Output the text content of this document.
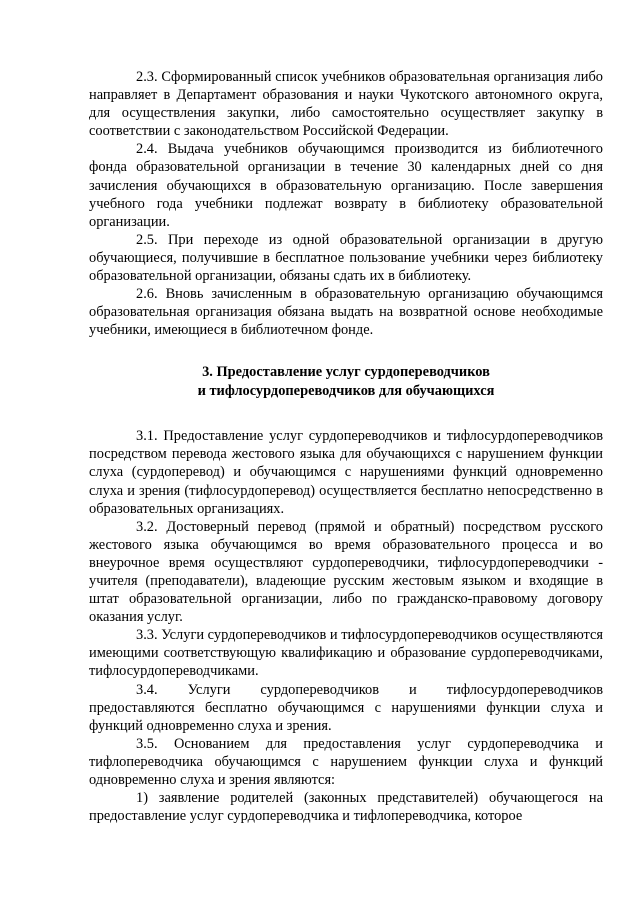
2.3. Сформированный список учебников образовательная организация либо направляет в Департамент образования и науки Чукотского автономного округа, для осуществления закупки, либо самостоятельно осуществляет закупку в соответствии с законодательством Российской Федерации.

2.4. Выдача учебников обучающимся производится из библиотечного фонда образовательной организации в течение 30 календарных дней со дня зачисления обучающихся в образовательную организацию. После завершения учебного года учебники подлежат возврату в библиотеку образовательной организации.

2.5. При переходе из одной образовательной организации в другую обучающиеся, получившие в бесплатное пользование учебники через библиотеку образовательной организации, обязаны сдать их в библиотеку.

2.6. Вновь зачисленным в образовательную организацию обучающимся образовательная организация обязана выдать на возвратной основе необходимые учебники, имеющиеся в библиотечном фонде.

3. Предоставление услуг сурдопереводчиков
и тифлосурдопереводчиков для обучающихся

3.1. Предоставление услуг сурдопереводчиков и тифлосурдопереводчиков посредством перевода жестового языка для обучающихся с нарушением функции слуха (сурдоперевод) и обучающимся с нарушениями функций одновременно слуха и зрения (тифлосурдоперевод) осуществляется бесплатно непосредственно в образовательных организациях.

3.2. Достоверный перевод (прямой и обратный) посредством русского жестового языка обучающимся во время образовательного процесса и во внеурочное время осуществляют сурдопереводчики, тифлосурдопереводчики - учителя (преподаватели), владеющие русским жестовым языком и входящие в штат образовательной организации, либо по гражданско-правовому договору оказания услуг.

3.3. Услуги сурдопереводчиков и тифлосурдопереводчиков осуществляются имеющими соответствующую квалификацию и образование сурдопереводчиками, тифлосурдопереводчиками.

3.4. Услуги сурдопереводчиков и тифлосурдопереводчиков предоставляются бесплатно обучающимся с нарушениями функции слуха и функций одновременно слуха и зрения.

3.5. Основанием для предоставления услуг сурдопереводчика и тифлопереводчика обучающимся с нарушением функции слуха и функций одновременно слуха и зрения являются:

1) заявление родителей (законных представителей) обучающегося на предоставление услуг сурдопереводчика и тифлопереводчика, которое
